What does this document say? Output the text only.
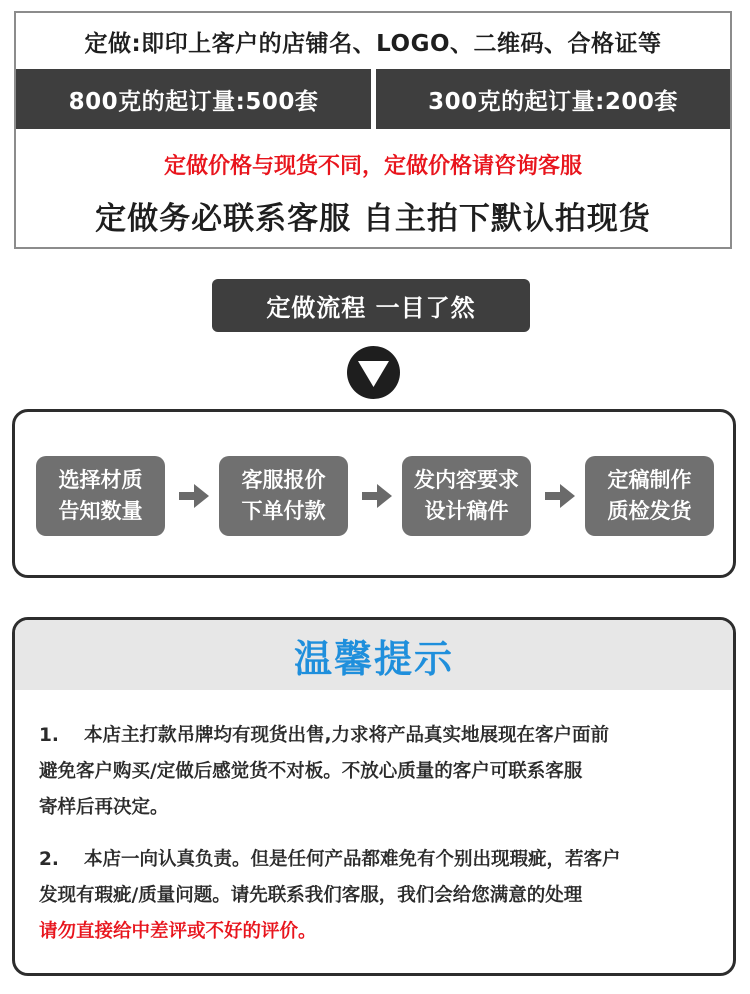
定做:即印上客户的店铺名、LOGO、二维码、合格证等
800克的起订量:500套	300克的起订量:200套
定做价格与现货不同，定做价格请咨询客服
定做务必联系客服 自主拍下默认拍现货
定做流程 一目了然
选择材质
告知数量
客服报价
下单付款
发内容要求
设计稿件
定稿制作
质检发货
温馨提示
1. 本店主打款吊牌均有现货出售,力求将产品真实地展现在客户面前
避免客户购买/定做后感觉货不对板。不放心质量的客户可联系客服
寄样后再决定。
2. 本店一向认真负责。但是任何产品都难免有个别出现瑕疵，若客户
发现有瑕疵/质量问题。请先联系我们客服，我们会给您满意的处理
请勿直接给中差评或不好的评价。
